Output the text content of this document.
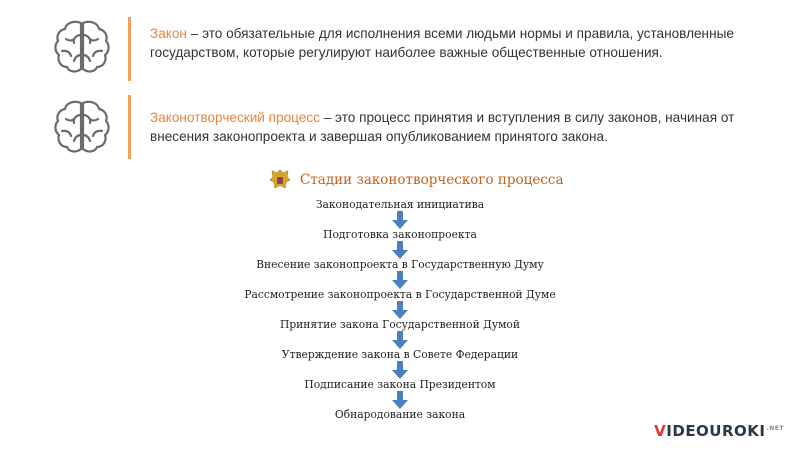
Закон – это обязательные для исполнения всеми людьми нормы и правила, установленные государством, которые регулируют наиболее важные общественные отношения.
Законотворческий процесс – это процесс принятия и вступления в силу законов, начиная от внесения законопроекта и завершая опубликованием принятого закона.
Стадии законотворческого процесса
Законодательная инициатива
Подготовка законопроекта
Внесение законопроекта в Государственную Думу
Рассмотрение законопроекта в Государственной Думе
Принятие закона Государственной Думой
Утверждение закона в Совете Федерации
Подписание закона Президентом
Обнародование закона
$VIDEOUROKI^{.NET}$
